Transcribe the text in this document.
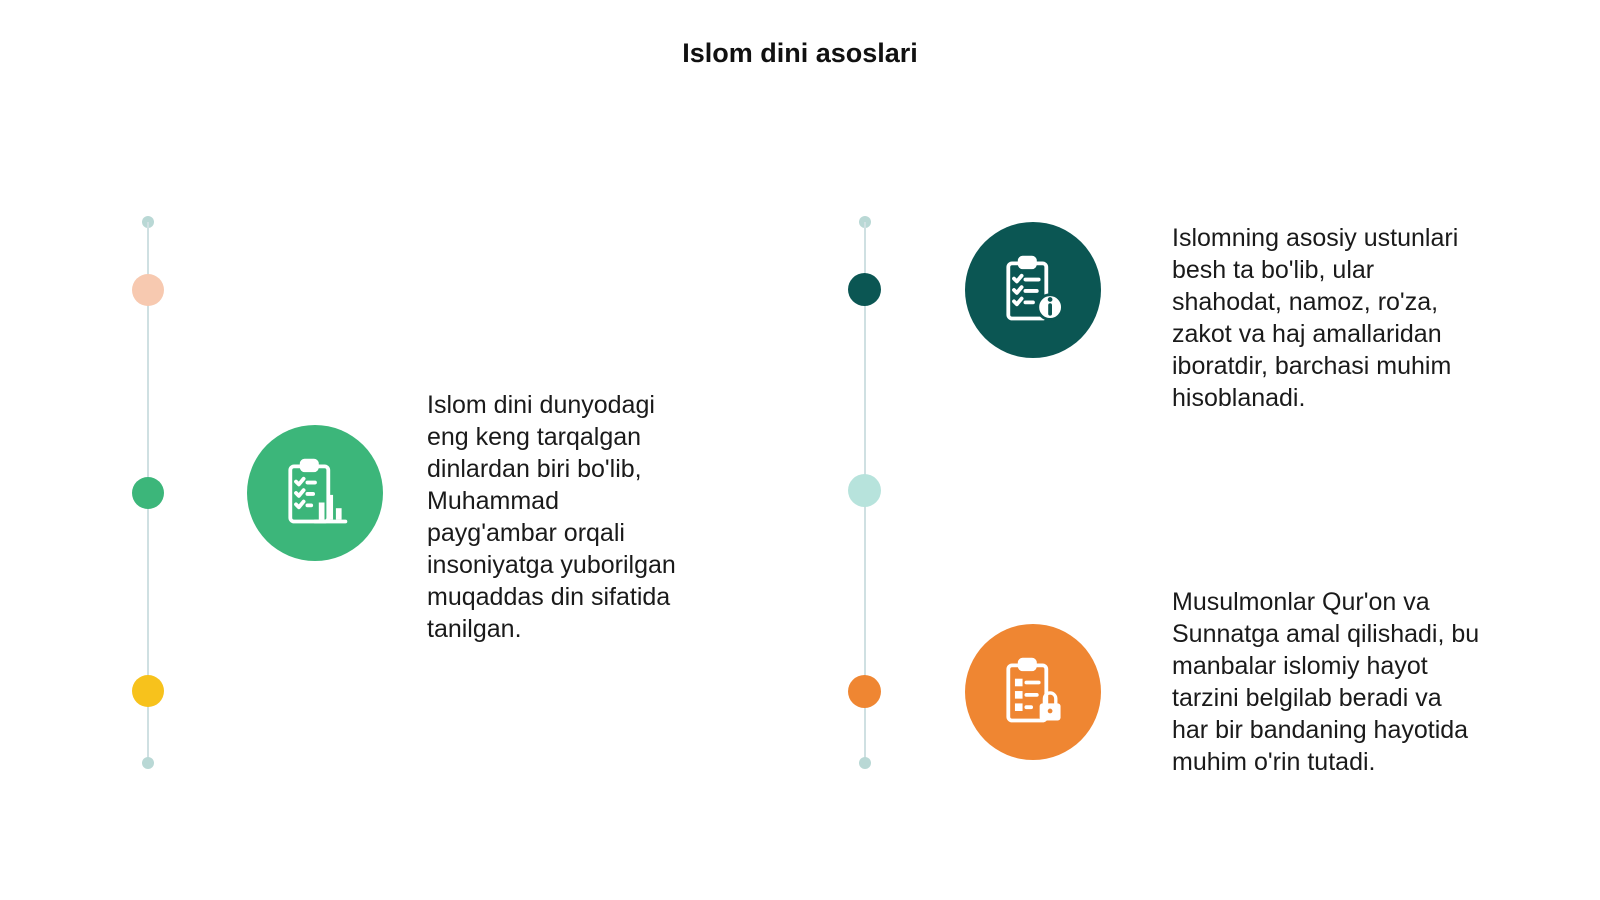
Islom dini asoslari
Islom dini dunyodagi
eng keng tarqalgan
dinlardan biri bo'lib,
Muhammad
payg'ambar orqali
insoniyatga yuborilgan
muqaddas din sifatida
tanilgan.
Islomning asosiy ustunlari
besh ta bo'lib, ular
shahodat, namoz, ro'za,
zakot va haj amallaridan
iboratdir, barchasi muhim
hisoblanadi.
Musulmonlar Qur'on va
Sunnatga amal qilishadi, bu
manbalar islomiy hayot
tarzini belgilab beradi va
har bir bandaning hayotida
muhim o'rin tutadi.
